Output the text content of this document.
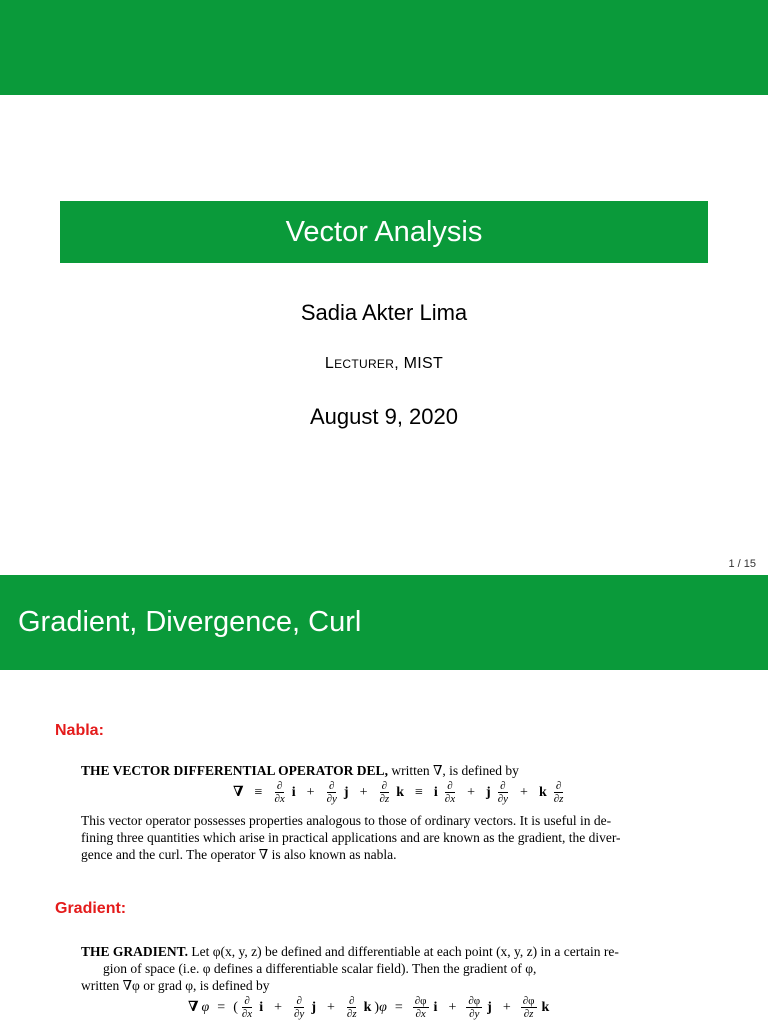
Vector Analysis
Sadia Akter Lima
LECTURER, MIST
August 9, 2020
1 / 15
Gradient, Divergence, Curl
Nabla:
THE VECTOR DIFFERENTIAL OPERATOR DEL, written ∇, is defined by
∇ ≡ $\frac{\partial}{\partial x}$ $i + \frac{\partial}{\partial y}$ $j + \frac{\partial}{\partial z}$ k ≡ i $\frac{\partial}{\partial x} + j \frac{\partial}{\partial y} + k \frac{\partial}{\partial z}$
This vector operator possesses properties analogous to those of ordinary vectors. It is useful in de-
fining three quantities which arise in practical applications and are known as the gradient, the diver-
gence and the curl. The operator ∇ is also known as nabla.
Gradient:
THE GRADIENT. Let φ(x, y, z) be defined and differentiable at each point (x, y, z) in a certain re-
gion of space (i.e. φ defines a differentiable scalar field). Then the gradient of φ,
written ∇φ or grad φ, is defined by
∇ φ = ( $\frac{\partial}{\partial x}$ $i + \frac{\partial}{\partial y}$ $j + \frac{\partial}{\partial z}$ k ) $\varphi = \frac{\partial\varphi}{\partial x}$ $i + \frac{\partial\varphi}{\partial y}$ $j + \frac{\partial\varphi}{\partial z}$ k
